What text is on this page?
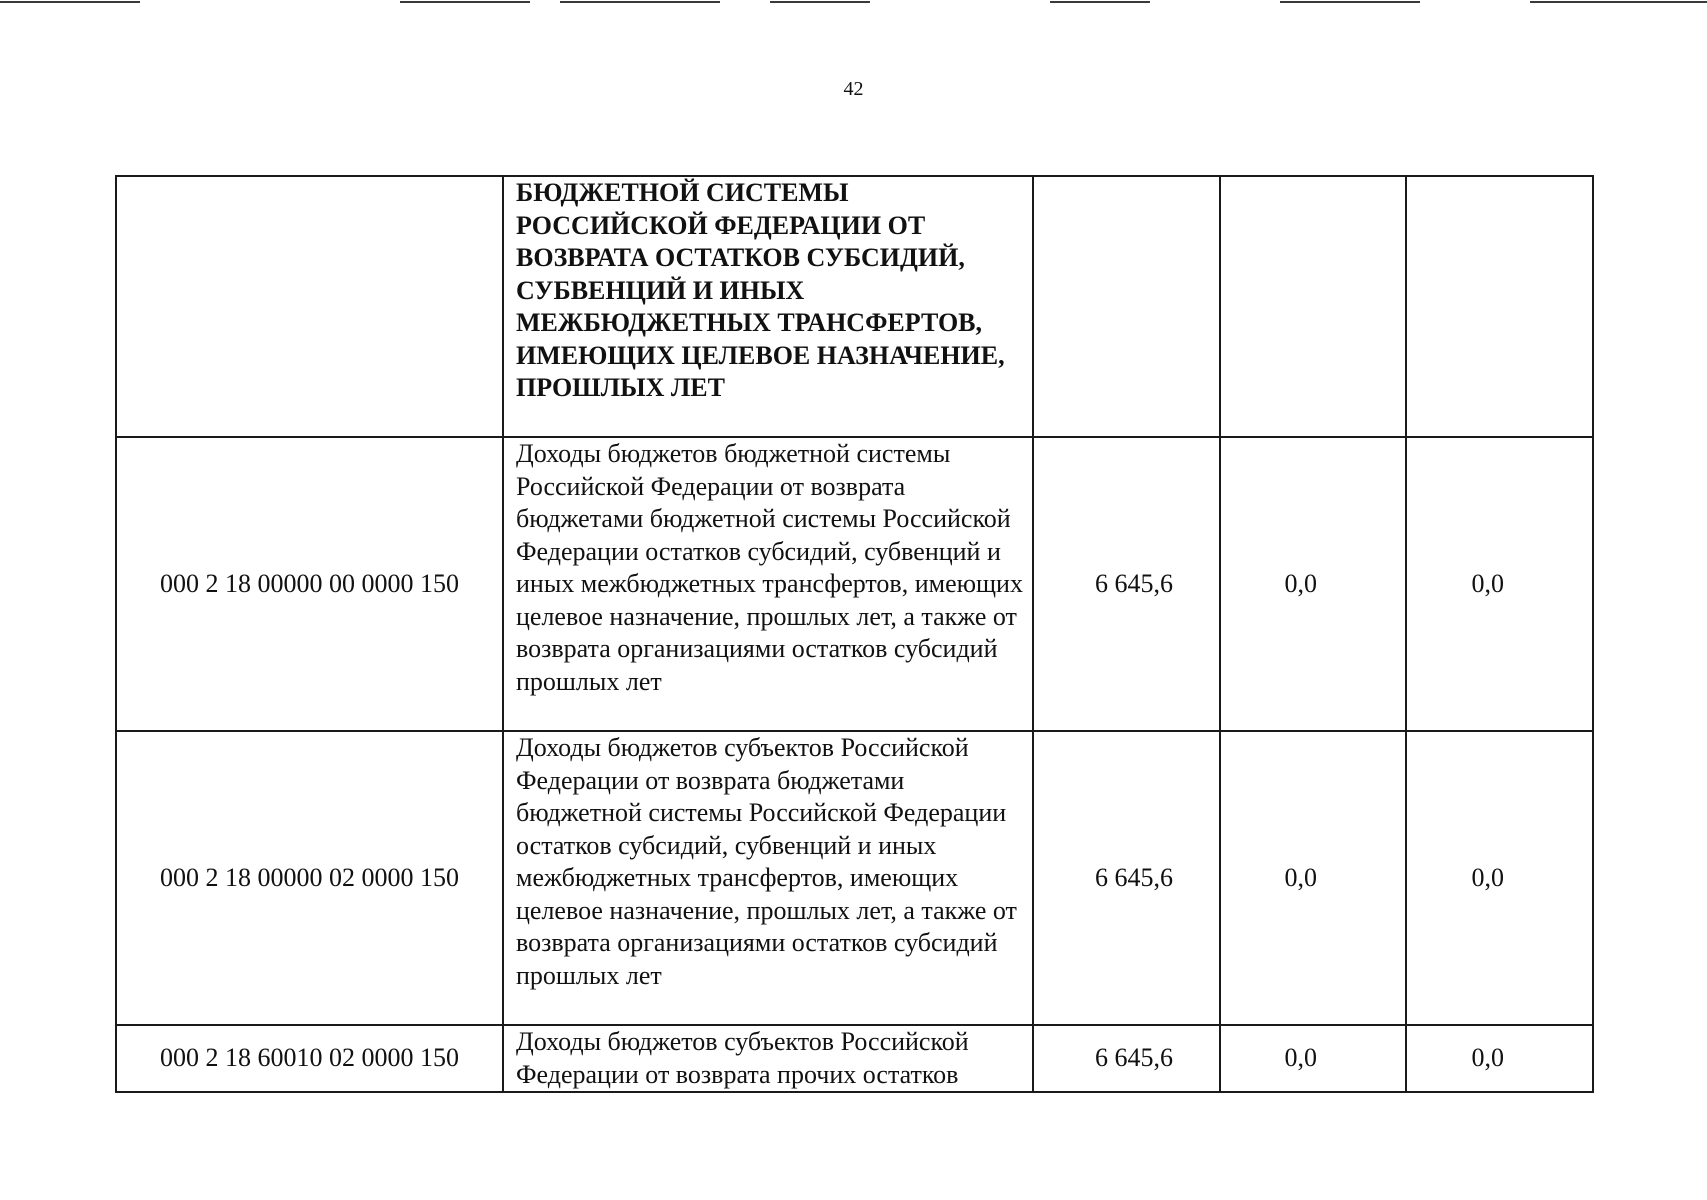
42
	БЮДЖЕТНОЙ СИСТЕМЫ РОССИЙСКОЙ ФЕДЕРАЦИИ ОТ ВОЗВРАТА ОСТАТКОВ СУБСИДИЙ, СУБВЕНЦИЙ И ИНЫХ МЕЖБЮДЖЕТНЫХ ТРАНСФЕРТОВ, ИМЕЮЩИХ ЦЕЛЕВОЕ НАЗНАЧЕНИЕ, ПРОШЛЫХ ЛЕТ			
000 2 18 00000 00 0000 150	Доходы бюджетов бюджетной системы Российской Федерации от возврата бюджетами бюджетной системы Российской Федерации остатков субсидий, субвенций и иных межбюджетных трансфертов, имеющих целевое назначение, прошлых лет, а также от возврата организациями остатков субсидий прошлых лет	6 645,6	0,0	0,0
000 2 18 00000 02 0000 150	Доходы бюджетов субъектов Российской Федерации от возврата бюджетами бюджетной системы Российской Федерации остатков субсидий, субвенций и иных межбюджетных трансфертов, имеющих целевое назначение, прошлых лет, а также от возврата организациями остатков субсидий прошлых лет	6 645,6	0,0	0,0
000 2 18 60010 02 0000 150	Доходы бюджетов субъектов Российской Федерации от возврата прочих остатков	6 645,6	0,0	0,0
